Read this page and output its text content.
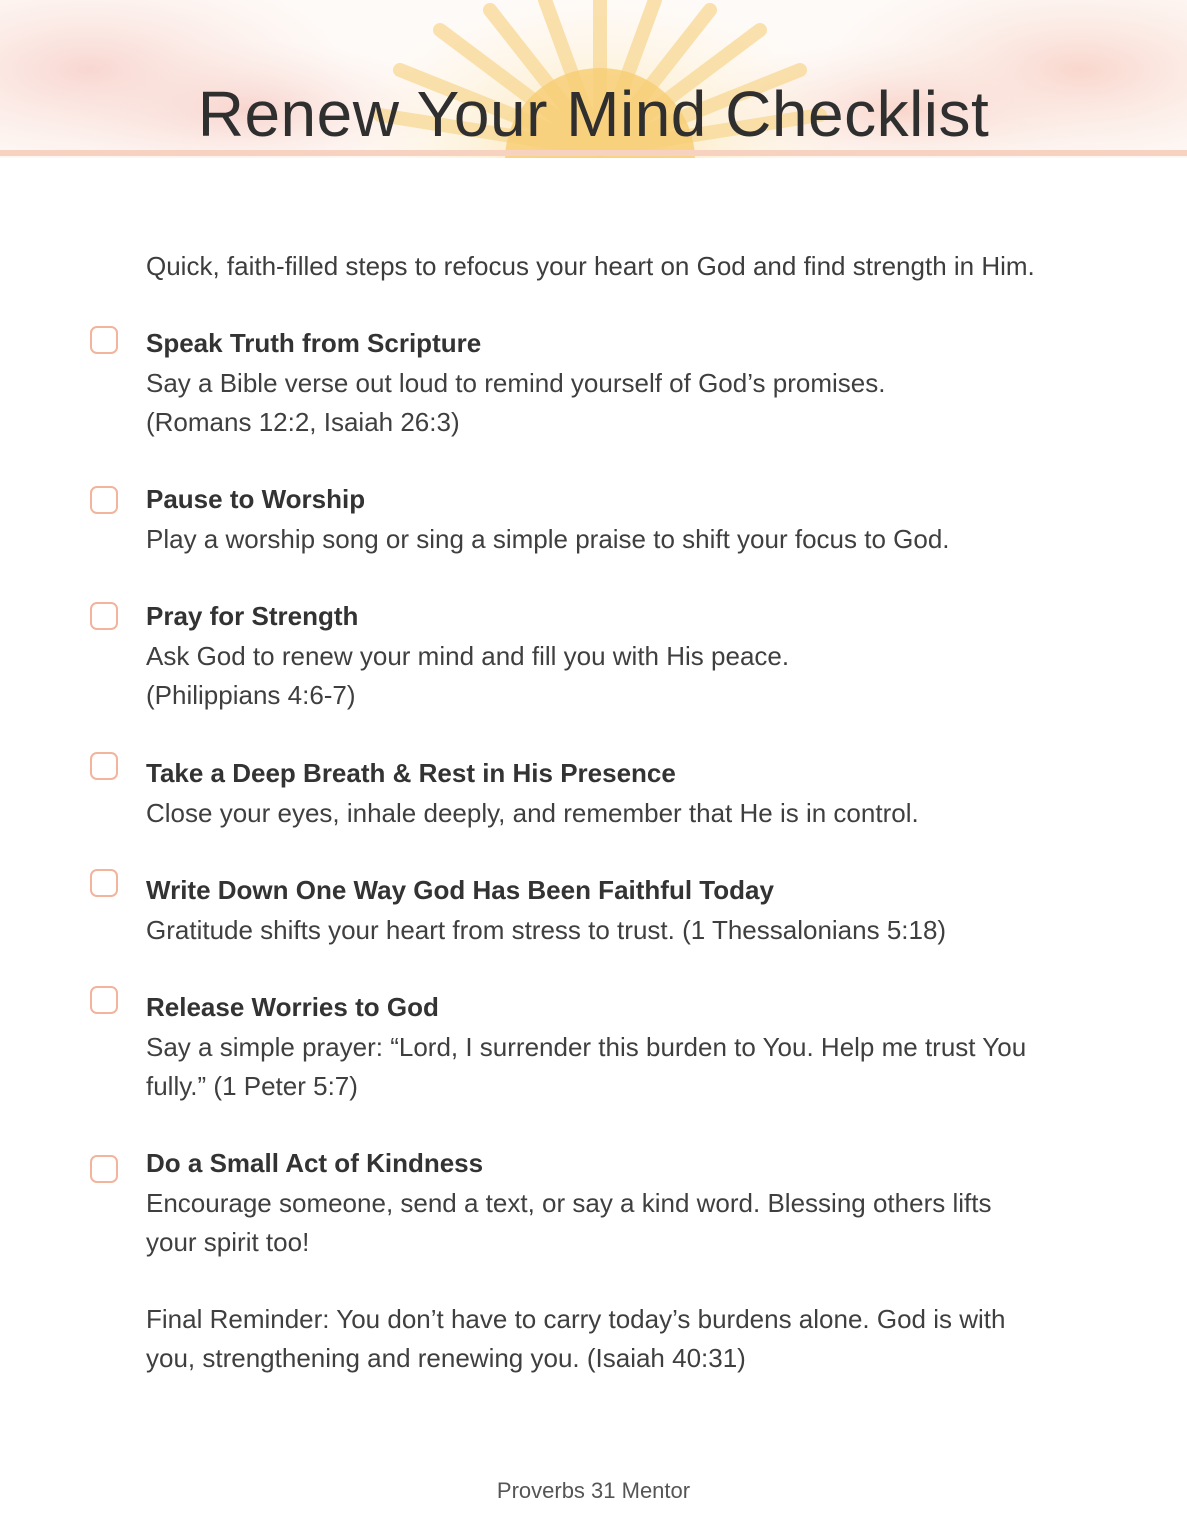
Renew Your Mind Checklist
Quick, faith-filled steps to refocus your heart on God and find strength in Him.
Speak Truth from Scripture
Say a Bible verse out loud to remind yourself of God’s promises.
(Romans 12:2, Isaiah 26:3)
Pause to Worship
Play a worship song or sing a simple praise to shift your focus to God.
Pray for Strength
Ask God to renew your mind and fill you with His peace.
(Philippians 4:6-7)
Take a Deep Breath & Rest in His Presence
Close your eyes, inhale deeply, and remember that He is in control.
Write Down One Way God Has Been Faithful Today
Gratitude shifts your heart from stress to trust. (1 Thessalonians 5:18)
Release Worries to God
Say a simple prayer: “Lord, I surrender this burden to You. Help me trust You
fully.” (1 Peter 5:7)
Do a Small Act of Kindness
Encourage someone, send a text, or say a kind word. Blessing others lifts
your spirit too!
Final Reminder: You don’t have to carry today’s burdens alone. God is with
you, strengthening and renewing you. (Isaiah 40:31)
Proverbs 31 Mentor
